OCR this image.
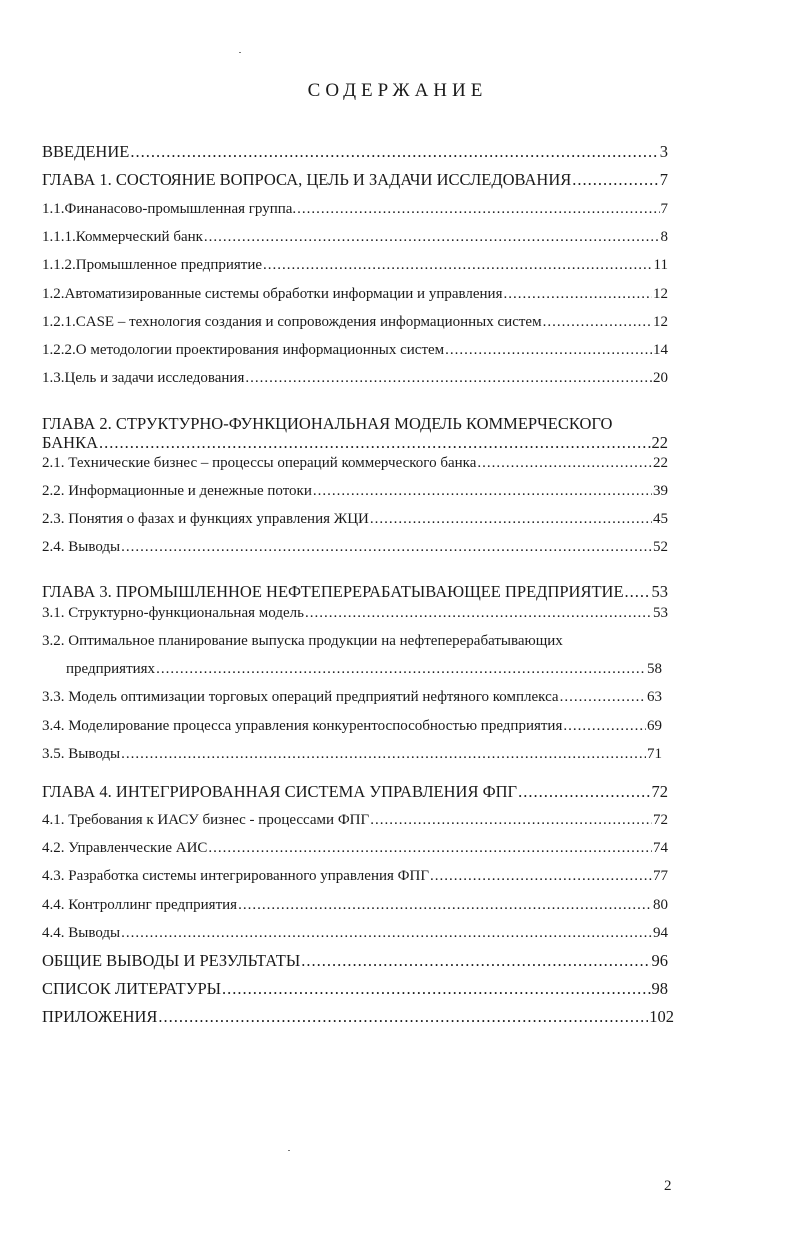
СОДЕРЖАНИЕ
ВВЕДЕНИЕ .....	3
ГЛАВА 1. СОСТОЯНИЕ ВОПРОСА, ЦЕЛЬ И ЗАДАЧИ ИССЛЕДОВАНИЯ .....	7
1.1. Финанасово-промышленная группа. .....	7
1.1.1. Коммерческий банк .....	8
1.1.2. Промышленное предприятие .....	11
1.2. Автоматизированные системы обработки информации и управления .....	12
1.2.1. CASE – технология создания и сопровождения информационных систем .....	12
1.2.2. О методологии проектирования информационных систем .....	14
1.3. Цель и задачи исследования .....	20
ГЛАВА 2. СТРУКТУРНО-ФУНКЦИОНАЛЬНАЯ МОДЕЛЬ КОММЕРЧЕСКОГО
БАНКА .....	22
2.1. Технические бизнес – процессы операций коммерческого банка .....	22
2.2. Информационные и денежные потоки .....	39
2.3. Понятия о фазах и функциях управления ЖЦИ .....	45
2.4. Выводы .....	52
ГЛАВА 3. ПРОМЫШЛЕННОЕ НЕФТЕПЕРЕРАБАТЫВАЮЩЕЕ ПРЕДПРИЯТИЕ ..... 53
3.1. Структурно-функциональная модель .....	53
3.2. Оптимальное планирование выпуска продукции на нефтеперерабатывающих
предприятиях .....	58
3.3. Модель оптимизации торговых операций предприятий нефтяного комплекса .....	63
3.4. Моделирование процесса управления конкурентоспособностью предприятия .....	69
3.5. Выводы .....	71
ГЛАВА 4. ИНТЕГРИРОВАННАЯ СИСТЕМА УПРАВЛЕНИЯ ФПГ .....	72
4.1. Требования к ИАСУ бизнес - процессами ФПГ .....	72
4.2. Управленческие АИС .....	74
4.3. Разработка системы интегрированного управления ФПГ .....	77
4.4. Контроллинг предприятия .....	80
4.4. Выводы .....	94
ОБЩИЕ ВЫВОДЫ И РЕЗУЛЬТАТЫ .....	96
СПИСОК ЛИТЕРАТУРЫ .....	98
ПРИЛОЖЕНИЯ .....	102
2
